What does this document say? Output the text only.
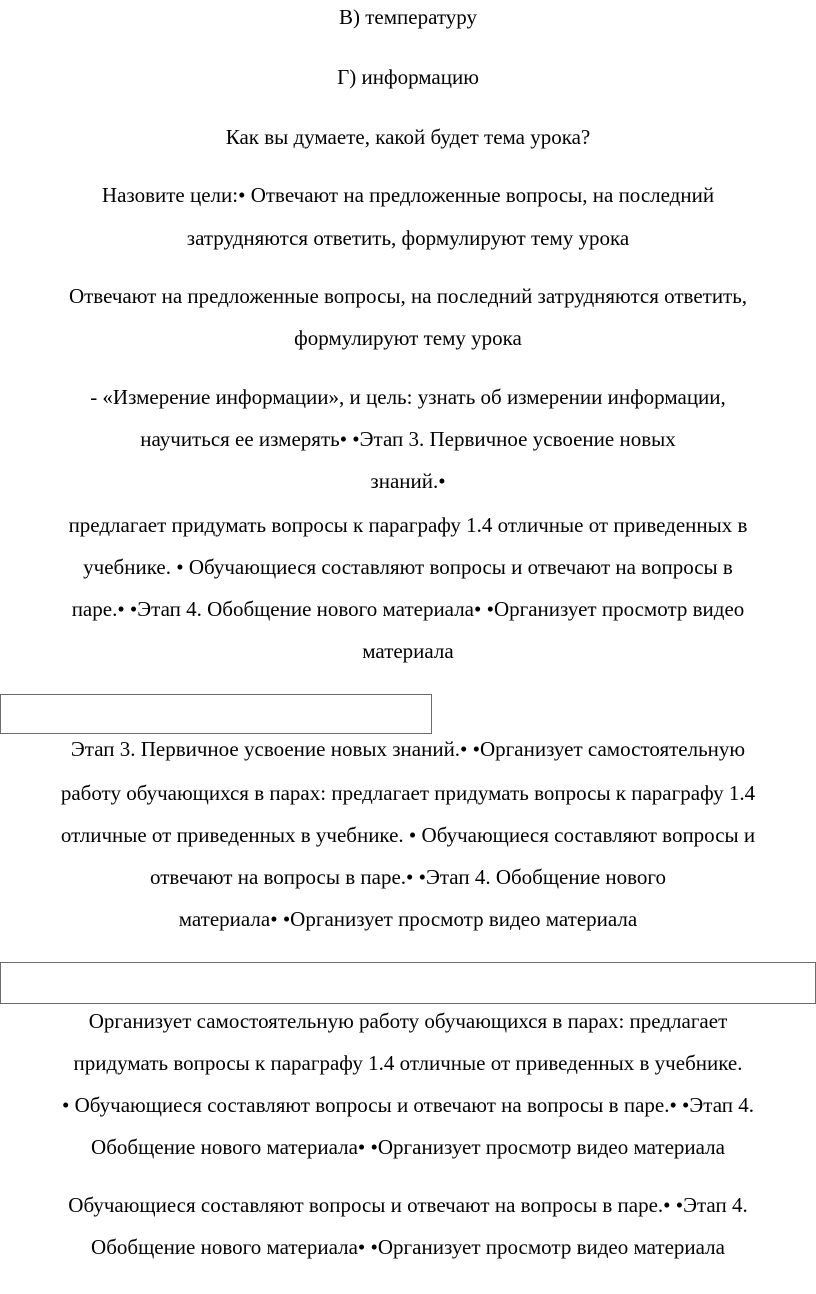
В) температуру
Г) информацию
Как вы думаете, какой будет тема урока?
Назовите цели:• Отвечают на предложенные вопросы, на последний
затрудняются ответить, формулируют тему урока
Отвечают на предложенные вопросы, на последний затрудняются ответить,
формулируют тему урока
- «Измерение информации», и цель: узнать об измерении информации,
научиться ее измерять• •Этап 3. Первичное усвоение новых
знаний.•
предлагает придумать вопросы к параграфу 1.4 отличные от приведенных в
учебнике. • Обучающиеся составляют вопросы и отвечают на вопросы в
паре.• •Этап 4. Обобщение нового материала• •Организует просмотр видео
материала
Этап 3. Первичное усвоение новых знаний.• •Организует самостоятельную
работу обучающихся в парах: предлагает придумать вопросы к параграфу 1.4
отличные от приведенных в учебнике. • Обучающиеся составляют вопросы и
отвечают на вопросы в паре.• •Этап 4. Обобщение нового
материала• •Организует просмотр видео материала
Организует самостоятельную работу обучающихся в парах: предлагает
придумать вопросы к параграфу 1.4 отличные от приведенных в учебнике.
• Обучающиеся составляют вопросы и отвечают на вопросы в паре.• •Этап 4.
Обобщение нового материала• •Организует просмотр видео материала
Обучающиеся составляют вопросы и отвечают на вопросы в паре.• •Этап 4.
Обобщение нового материала• •Организует просмотр видео материала
